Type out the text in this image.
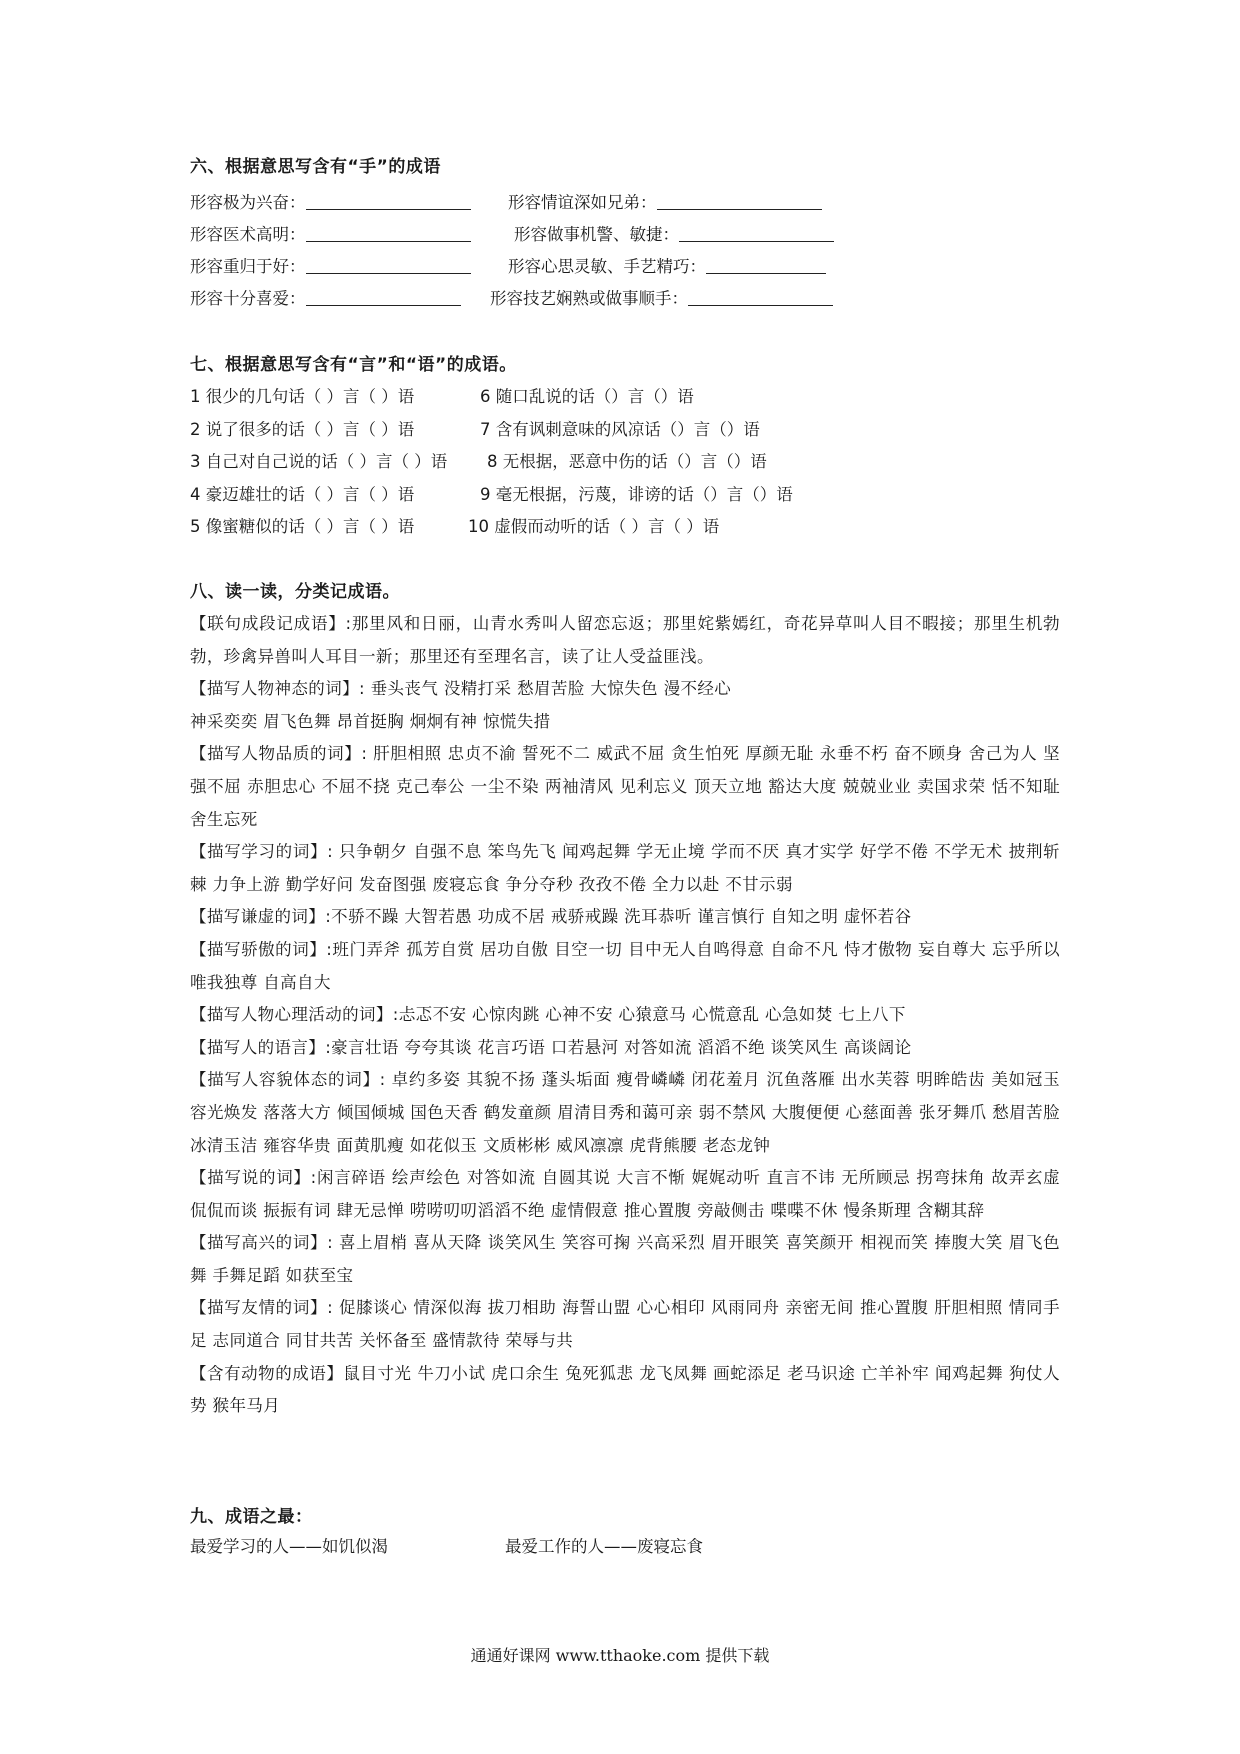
六、根据意思写含有“手”的成语
形容极为兴奋：	形容情谊深如兄弟：
形容医术高明：	形容做事机警、敏捷：
形容重归于好：	形容心思灵敏、手艺精巧：
形容十分喜爱：	形容技艺娴熟或做事顺手：
七、根据意思写含有“言”和“语”的成语。
1 很少的几句话（ ）言（ ）语	6 随口乱说的话（）言（）语
2 说了很多的话（ ）言（ ）语	7 含有讽刺意味的风凉话（）言（）语
3 自己对自己说的话（ ）言（ ）语 8 无根据，恶意中伤的话（）言（）语
4 豪迈雄壮的话（ ）言（ ）语	9 毫无根据，污蔑，诽谤的话（）言（）语
5 像蜜糖似的话（ ）言（ ）语	10 虚假而动听的话（ ）言（ ）语
八、读一读，分类记成语。
【联句成段记成语】:那里风和日丽，山青水秀叫人留恋忘返；那里姹紫嫣红，奇花异草叫人目不暇接；那里生机勃勃，珍禽异兽叫人耳目一新；那里还有至理名言，读了让人受益匪浅。
【描写人物神态的词】: 垂头丧气 没精打采 愁眉苦脸 大惊失色 漫不经心
神采奕奕 眉飞色舞 昂首挺胸 炯炯有神 惊慌失措
【描写人物品质的词】: 肝胆相照 忠贞不渝 誓死不二 威武不屈 贪生怕死 厚颜无耻 永垂不朽 奋不顾身 舍己为人 坚强不屈 赤胆忠心 不屈不挠 克己奉公 一尘不染 两袖清风 见利忘义 顶天立地 豁达大度 兢兢业业 卖国求荣 恬不知耻 舍生忘死
【描写学习的词】: 只争朝夕 自强不息 笨鸟先飞 闻鸡起舞 学无止境 学而不厌 真才实学 好学不倦 不学无术 披荆斩棘 力争上游 勤学好问 发奋图强 废寝忘食 争分夺秒 孜孜不倦 全力以赴 不甘示弱
【描写谦虚的词】:不骄不躁 大智若愚 功成不居 戒骄戒躁 洗耳恭听 谨言慎行 自知之明 虚怀若谷
【描写骄傲的词】:班门弄斧 孤芳自赏 居功自傲 目空一切 目中无人自鸣得意 自命不凡 恃才傲物 妄自尊大 忘乎所以 唯我独尊 自高自大
【描写人物心理活动的词】:忐忑不安 心惊肉跳 心神不安 心猿意马 心慌意乱 心急如焚 七上八下
【描写人的语言】:豪言壮语 夸夸其谈 花言巧语 口若悬河 对答如流 滔滔不绝 谈笑风生 高谈阔论
【描写人容貌体态的词】: 卓约多姿 其貌不扬 蓬头垢面 瘦骨嶙嶙 闭花羞月 沉鱼落雁 出水芙蓉 明眸皓齿 美如冠玉 容光焕发 落落大方 倾国倾城 国色天香 鹤发童颜 眉清目秀和蔼可亲 弱不禁风 大腹便便 心慈面善 张牙舞爪 愁眉苦脸 冰清玉洁 雍容华贵 面黄肌瘦 如花似玉 文质彬彬 威风凛凛 虎背熊腰 老态龙钟
【描写说的词】:闲言碎语 绘声绘色 对答如流 自圆其说 大言不惭 娓娓动听 直言不讳 无所顾忌 拐弯抹角 故弄玄虚 侃侃而谈 振振有词 肆无忌惮 唠唠叨叨滔滔不绝 虚情假意 推心置腹 旁敲侧击 喋喋不休 慢条斯理 含糊其辞
【描写高兴的词】: 喜上眉梢 喜从天降 谈笑风生 笑容可掬 兴高采烈 眉开眼笑 喜笑颜开 相视而笑 捧腹大笑 眉飞色舞 手舞足蹈 如获至宝
【描写友情的词】: 促膝谈心 情深似海 拔刀相助 海誓山盟 心心相印 风雨同舟 亲密无间 推心置腹 肝胆相照 情同手足 志同道合 同甘共苦 关怀备至 盛情款待 荣辱与共
【含有动物的成语】鼠目寸光 牛刀小试 虎口余生 兔死狐悲 龙飞凤舞 画蛇添足 老马识途 亡羊补牢 闻鸡起舞 狗仗人势 猴年马月
九、成语之最：
最爱学习的人——如饥似渴	最爱工作的人——废寝忘食
通通好课网 www.tthaoke.com 提供下载
